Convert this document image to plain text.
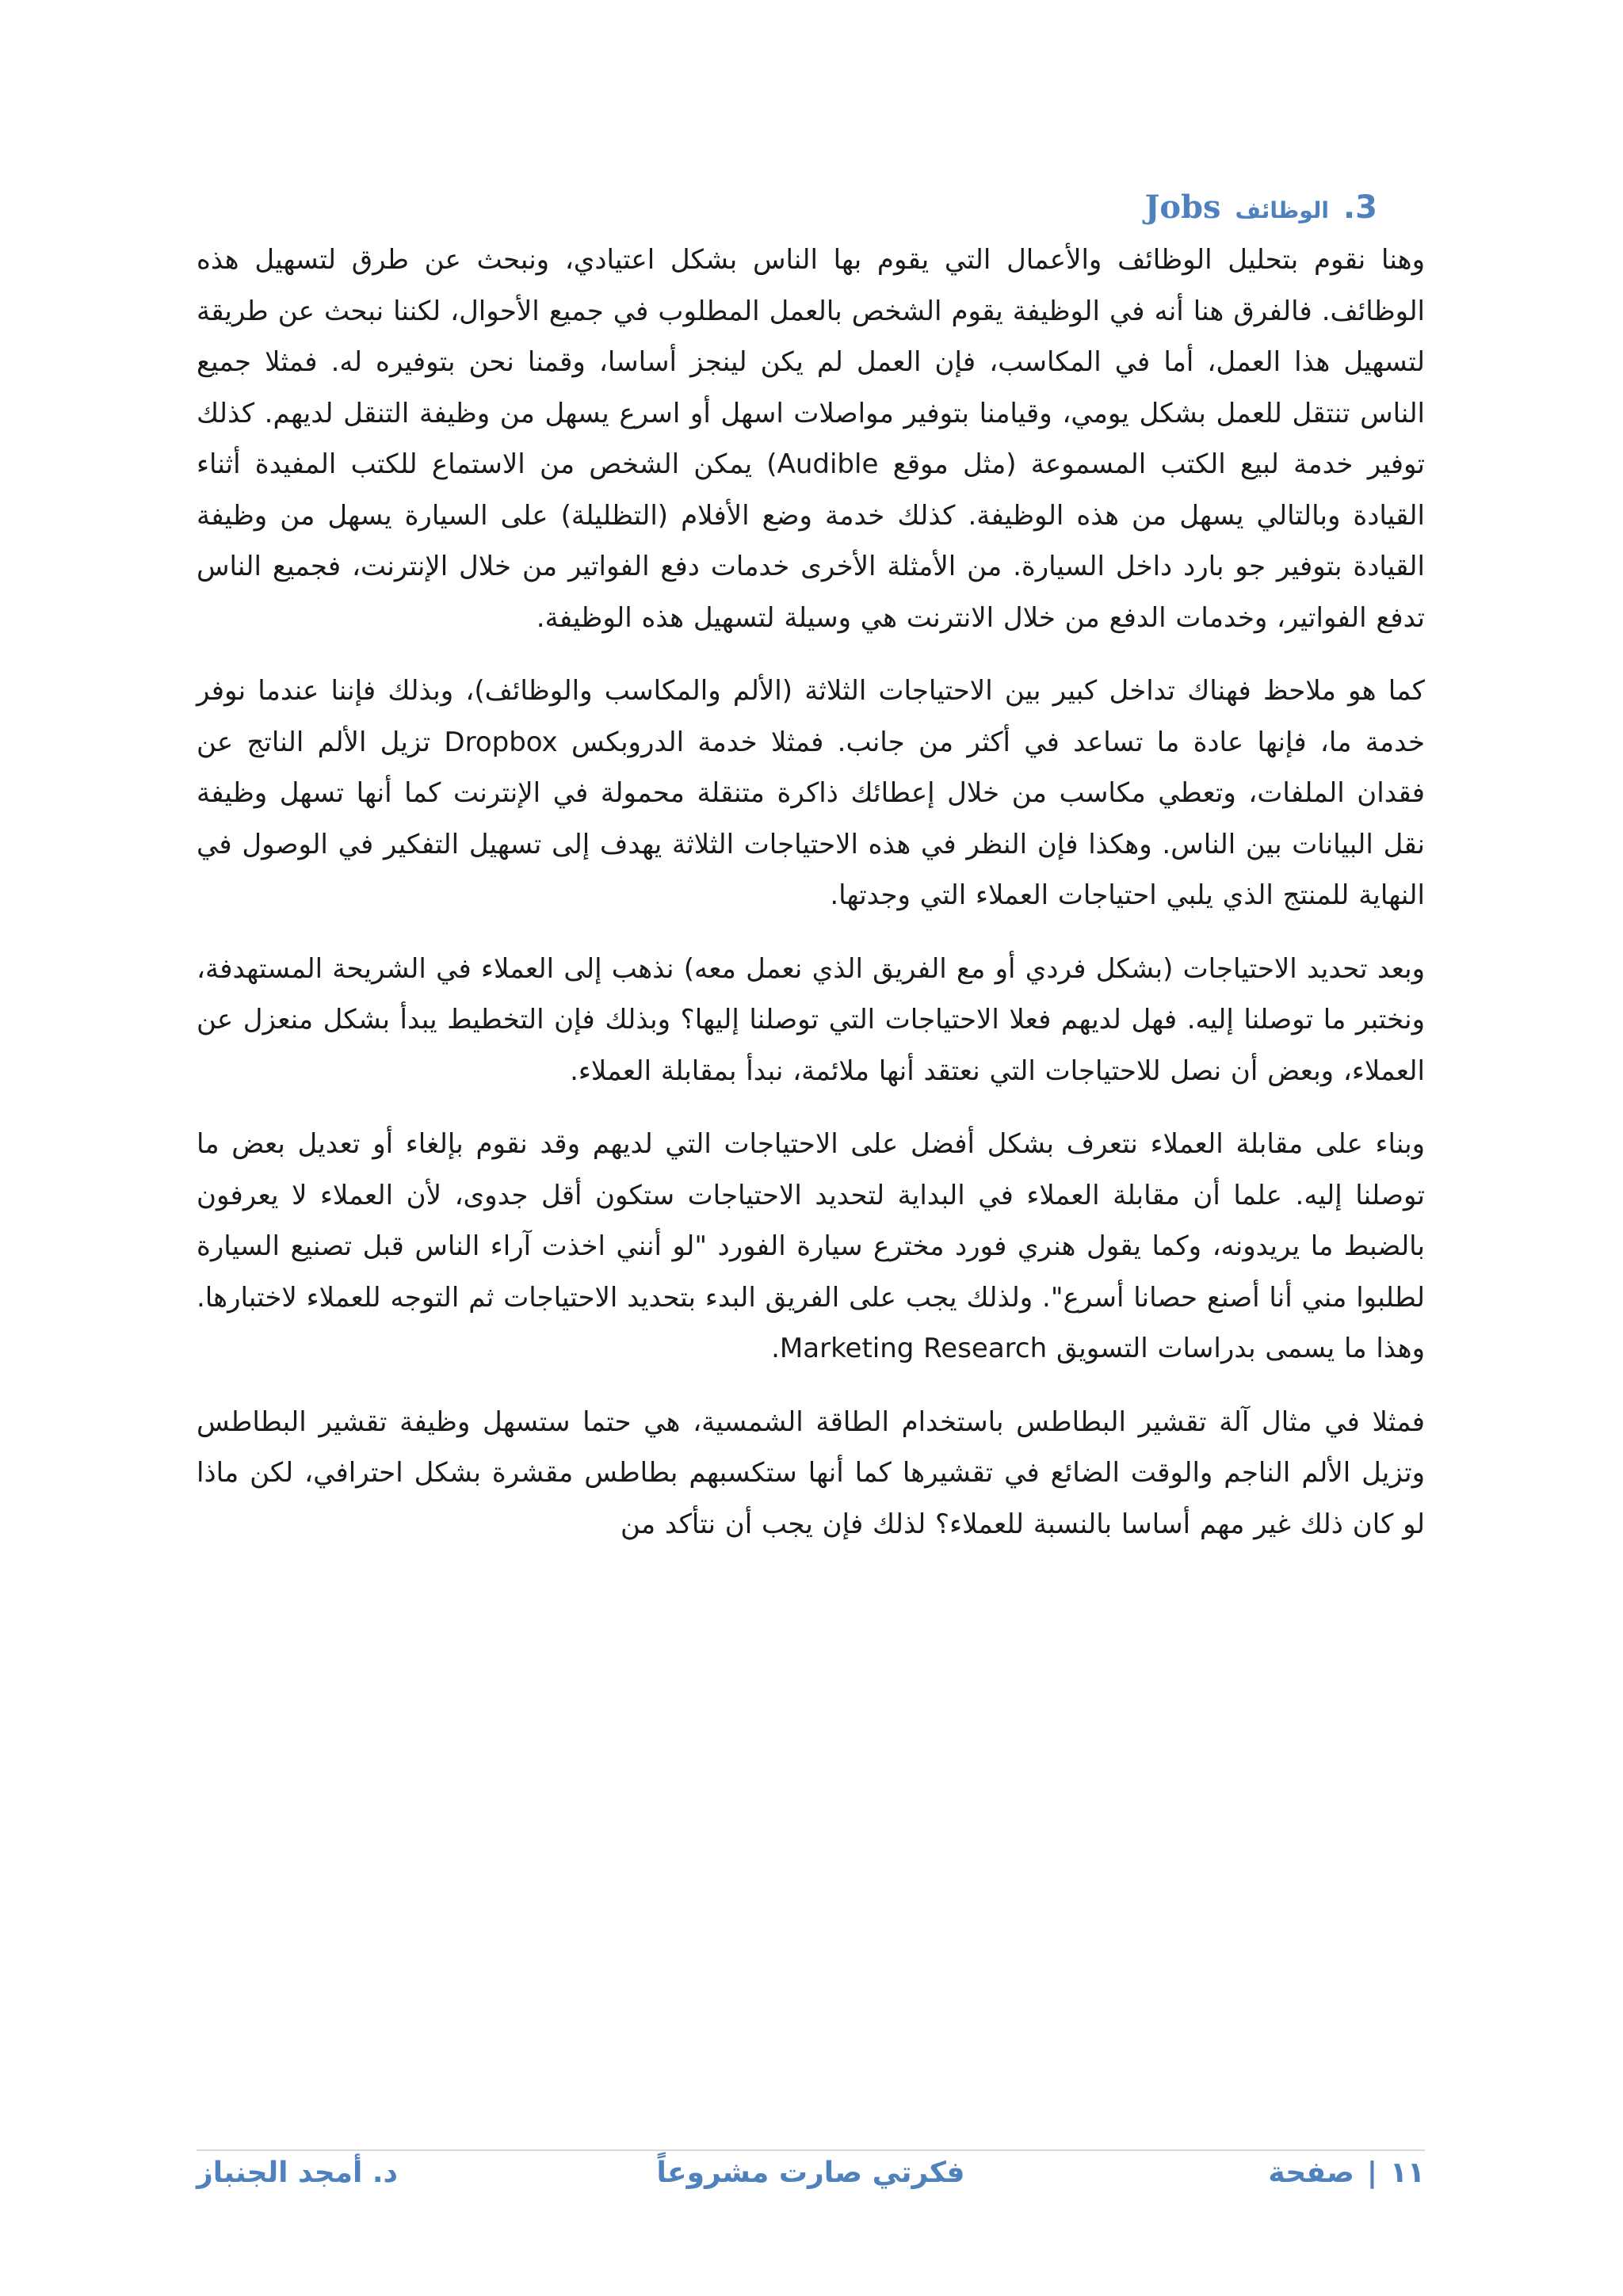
3.
الوظائف
Jobs

وهنا نقوم بتحليل الوظائف والأعمال التي يقوم بها الناس بشكل اعتيادي، ونبحث عن طرق لتسهيل هذه الوظائف. فالفرق هنا أنه في الوظيفة يقوم الشخص بالعمل المطلوب في جميع الأحوال، لكننا نبحث عن طريقة لتسهيل هذا العمل، أما في المكاسب، فإن العمل لم يكن لينجز أساسا، وقمنا نحن بتوفيره له. فمثلا جميع الناس تنتقل للعمل بشكل يومي، وقيامنا بتوفير مواصلات اسهل أو اسرع يسهل من وظيفة التنقل لديهم. كذلك توفير خدمة لبيع الكتب المسموعة (مثل موقع Audible) يمكن الشخص من الاستماع للكتب المفيدة أثناء القيادة وبالتالي يسهل من هذه الوظيفة. كذلك خدمة وضع الأفلام (التظليلة) على السيارة يسهل من وظيفة القيادة بتوفير جو بارد داخل السيارة. من الأمثلة الأخرى خدمات دفع الفواتير من خلال الإنترنت، فجميع الناس تدفع الفواتير، وخدمات الدفع من خلال الانترنت هي وسيلة لتسهيل هذه الوظيفة.

كما هو ملاحظ فهناك تداخل كبير بين الاحتياجات الثلاثة (الألم والمكاسب والوظائف)، وبذلك فإننا عندما نوفر خدمة ما، فإنها عادة ما تساعد في أكثر من جانب. فمثلا خدمة الدروبكس Dropbox تزيل الألم الناتج عن فقدان الملفات، وتعطي مكاسب من خلال إعطائك ذاكرة متنقلة محمولة في الإنترنت كما أنها تسهل وظيفة نقل البيانات بين الناس. وهكذا فإن النظر في هذه الاحتياجات الثلاثة يهدف إلى تسهيل التفكير في الوصول في النهاية للمنتج الذي يلبي احتياجات العملاء التي وجدتها.

وبعد تحديد الاحتياجات (بشكل فردي أو مع الفريق الذي نعمل معه) نذهب إلى العملاء في الشريحة المستهدفة، ونختبر ما توصلنا إليه. فهل لديهم فعلا الاحتياجات التي توصلنا إليها؟ وبذلك فإن التخطيط يبدأ بشكل منعزل عن العملاء، وبعض أن نصل للاحتياجات التي نعتقد أنها ملائمة، نبدأ بمقابلة العملاء.

وبناء على مقابلة العملاء نتعرف بشكل أفضل على الاحتياجات التي لديهم وقد نقوم بإلغاء أو تعديل بعض ما توصلنا إليه. علما أن مقابلة العملاء في البداية لتحديد الاحتياجات ستكون أقل جدوى، لأن العملاء لا يعرفون بالضبط ما يريدونه، وكما يقول هنري فورد مخترع سيارة الفورد "لو أنني اخذت آراء الناس قبل تصنيع السيارة لطلبوا مني أنا أصنع حصانا أسرع". ولذلك يجب على الفريق البدء بتحديد الاحتياجات ثم التوجه للعملاء لاختبارها. وهذا ما يسمى بدراسات التسويق Marketing Research.

فمثلا في مثال آلة تقشير البطاطس باستخدام الطاقة الشمسية، هي حتما ستسهل وظيفة تقشير البطاطس وتزيل الألم الناجم والوقت الضائع في تقشيرها كما أنها ستكسبهم بطاطس مقشرة بشكل احترافي، لكن ماذا لو كان ذلك غير مهم أساسا بالنسبة للعملاء؟ لذلك فإن يجب أن نتأكد من

١١
|
صفحة
فكرتي صارت مشروعاً
د. أمجد الجنباز
